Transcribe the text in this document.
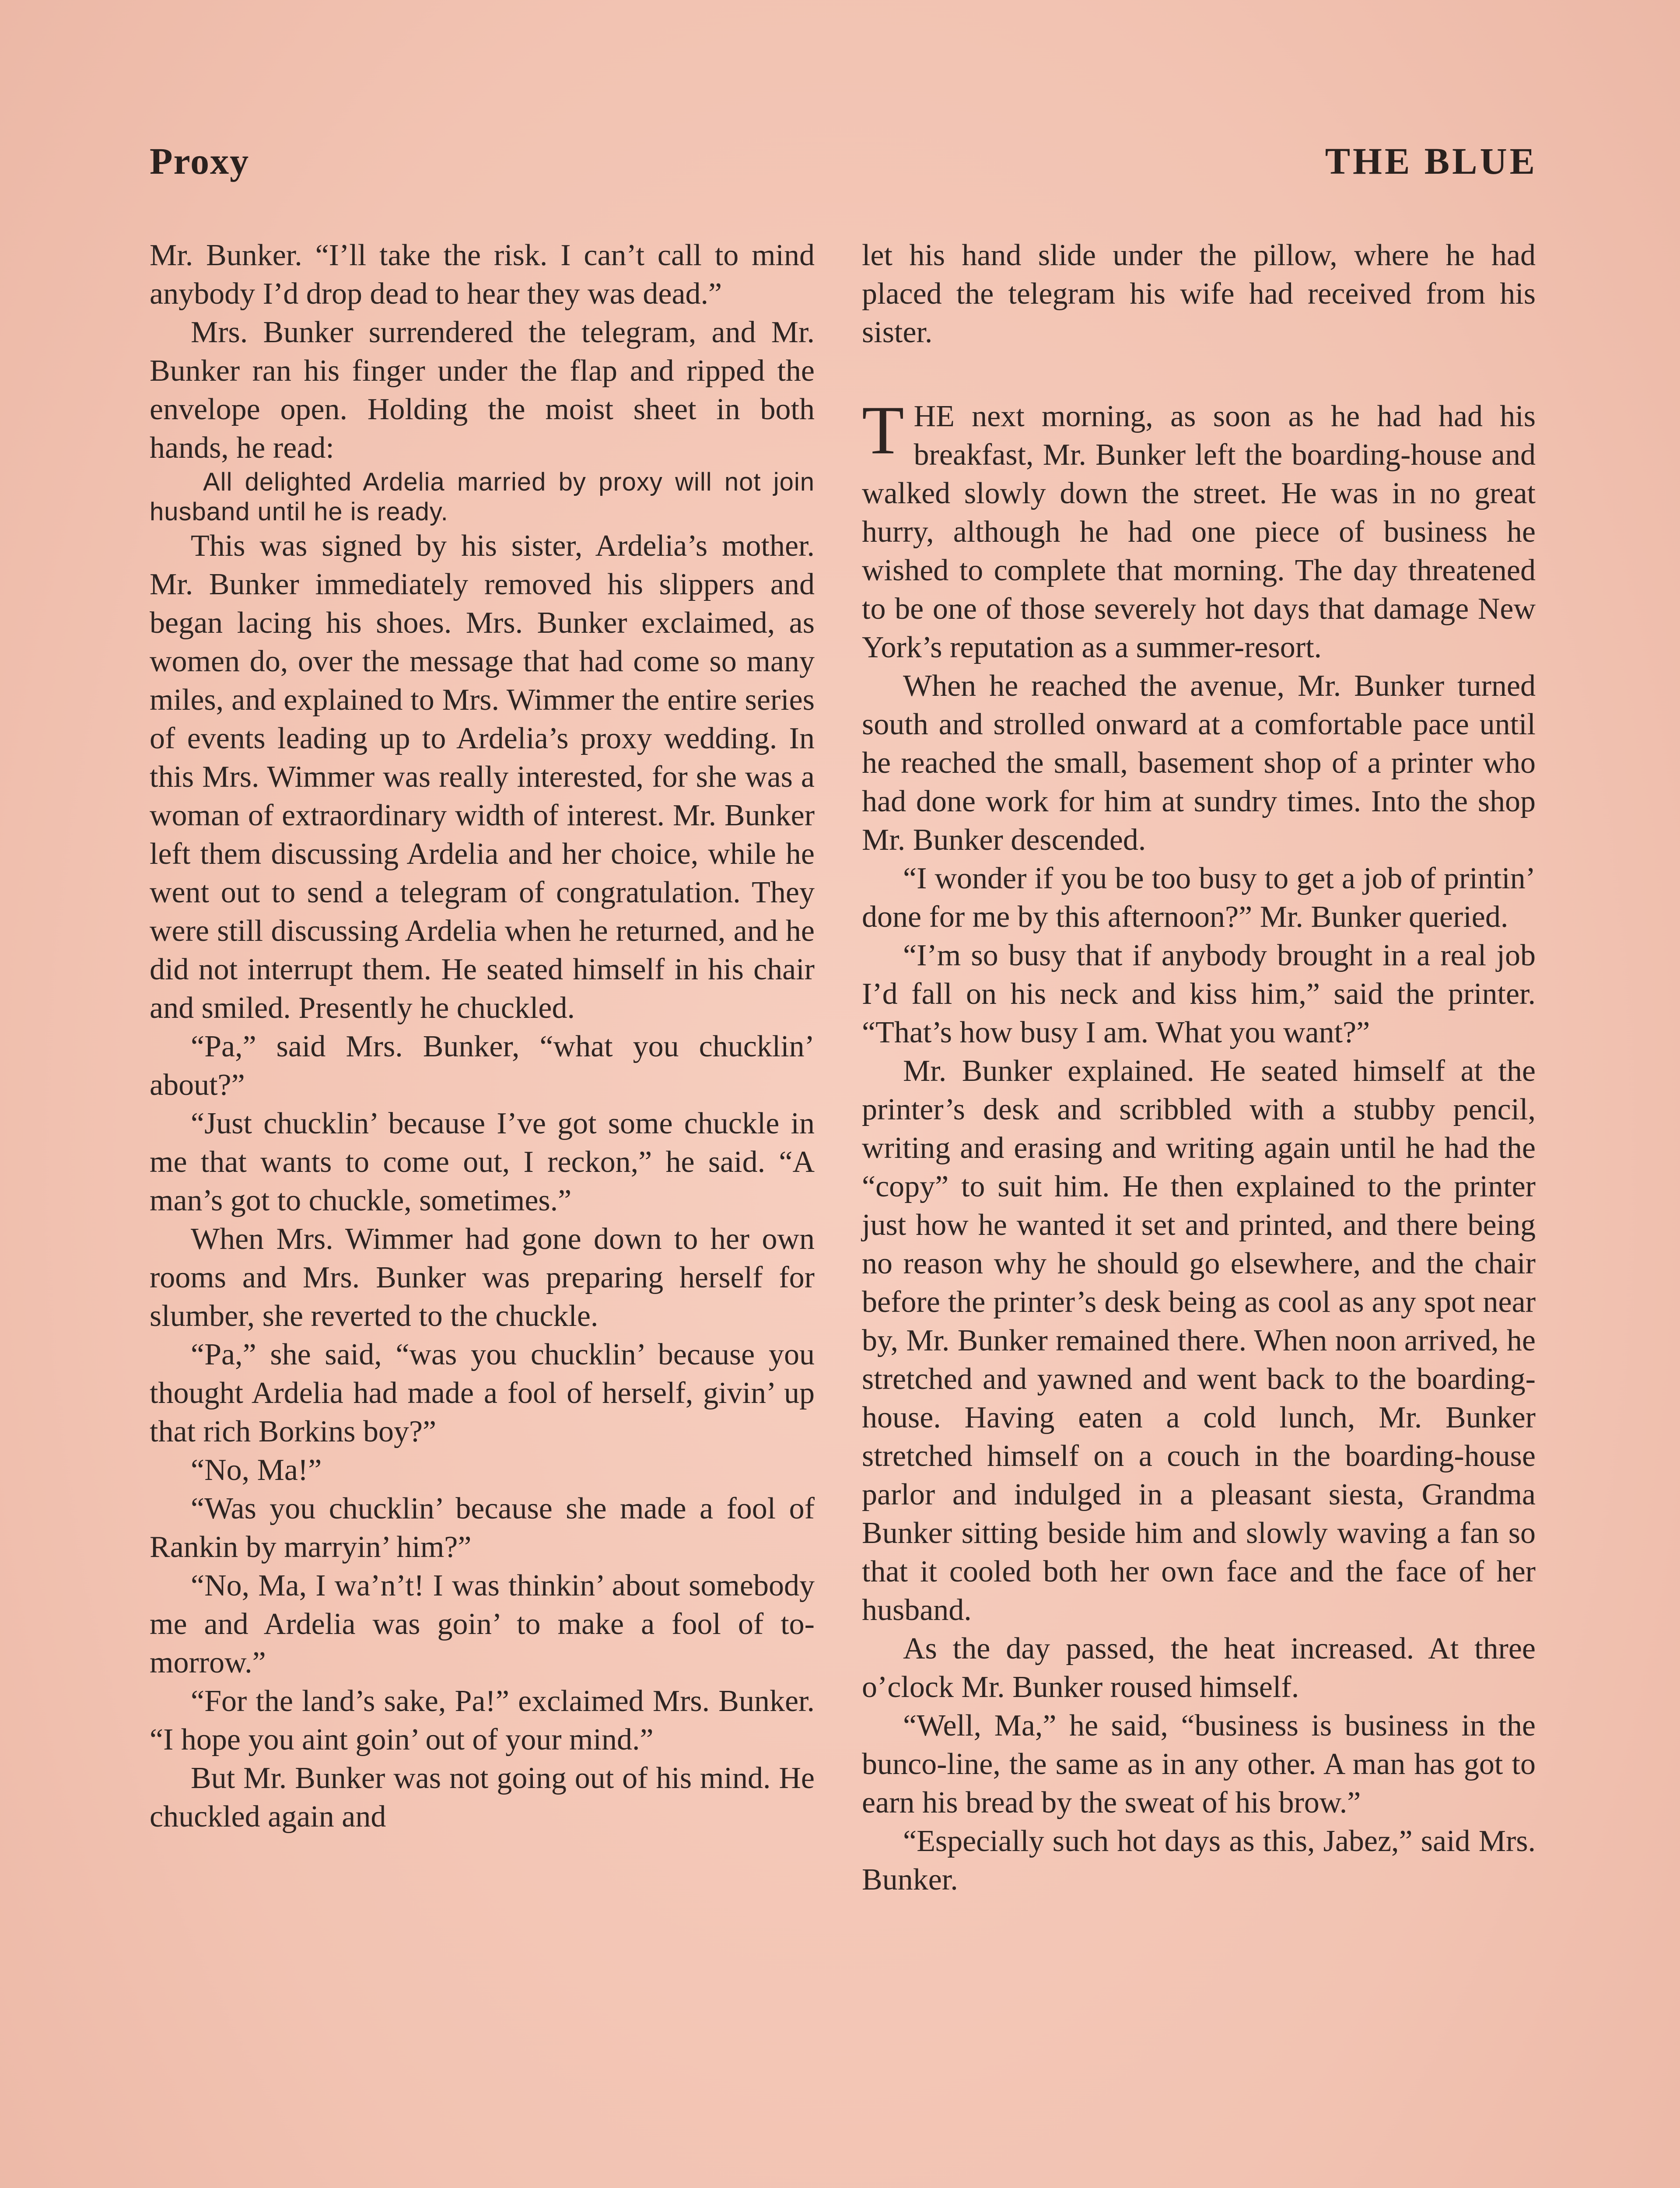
Proxy	THE BLUE

Mr. Bunker. “I’ll take the risk. I can’t call to mind anybody I’d drop dead to hear they was dead.”

Mrs. Bunker surrendered the telegram, and Mr. Bunker ran his finger under the flap and ripped the envelope open. Holding the moist sheet in both hands, he read:

All delighted Ardelia married by proxy will not join husband until he is ready.

This was signed by his sister, Ardelia’s mother. Mr. Bunker immediately removed his slippers and began lacing his shoes. Mrs. Bunker exclaimed, as women do, over the message that had come so many miles, and explained to Mrs. Wimmer the entire series of events leading up to Ardelia’s proxy wedding. In this Mrs. Wimmer was really interested, for she was a woman of extraordinary width of interest. Mr. Bunker left them discussing Ardelia and her choice, while he went out to send a telegram of congratulation. They were still discussing Ardelia when he returned, and he did not interrupt them. He seated himself in his chair and smiled. Presently he chuckled.

“Pa,” said Mrs. Bunker, “what you chucklin’ about?”

“Just chucklin’ because I’ve got some chuckle in me that wants to come out, I reckon,” he said. “A man’s got to chuckle, sometimes.”

When Mrs. Wimmer had gone down to her own rooms and Mrs. Bunker was preparing herself for slumber, she reverted to the chuckle.

“Pa,” she said, “was you chucklin’ because you thought Ardelia had made a fool of herself, givin’ up that rich Borkins boy?”

“No, Ma!”

“Was you chucklin’ because she made a fool of Rankin by marryin’ him?”

“No, Ma, I wa’n’t! I was thinkin’ about somebody me and Ardelia was goin’ to make a fool of to-morrow.”

“For the land’s sake, Pa!” exclaimed Mrs. Bunker. “I hope you aint goin’ out of your mind.”

But Mr. Bunker was not going out of his mind. He chuckled again and

let his hand slide under the pillow, where he had placed the telegram his wife had received from his sister.

THE next morning, as soon as he had had his breakfast, Mr. Bunker left the boarding-house and walked slowly down the street. He was in no great hurry, although he had one piece of business he wished to complete that morning. The day threatened to be one of those severely hot days that damage New York’s reputation as a summer-resort.

When he reached the avenue, Mr. Bunker turned south and strolled onward at a comfortable pace until he reached the small, basement shop of a printer who had done work for him at sundry times. Into the shop Mr. Bunker descended.

“I wonder if you be too busy to get a job of printin’ done for me by this afternoon?” Mr. Bunker queried.

“I’m so busy that if anybody brought in a real job I’d fall on his neck and kiss him,” said the printer. “That’s how busy I am. What you want?”

Mr. Bunker explained. He seated himself at the printer’s desk and scribbled with a stubby pencil, writing and erasing and writing again until he had the “copy” to suit him. He then explained to the printer just how he wanted it set and printed, and there being no reason why he should go elsewhere, and the chair before the printer’s desk being as cool as any spot near by, Mr. Bunker remained there. When noon arrived, he stretched and yawned and went back to the boarding-house. Having eaten a cold lunch, Mr. Bunker stretched himself on a couch in the boarding-house parlor and indulged in a pleasant siesta, Grandma Bunker sitting beside him and slowly waving a fan so that it cooled both her own face and the face of her husband.

As the day passed, the heat increased. At three o’clock Mr. Bunker roused himself.

“Well, Ma,” he said, “business is business in the bunco-line, the same as in any other. A man has got to earn his bread by the sweat of his brow.”

“Especially such hot days as this, Jabez,” said Mrs. Bunker.
